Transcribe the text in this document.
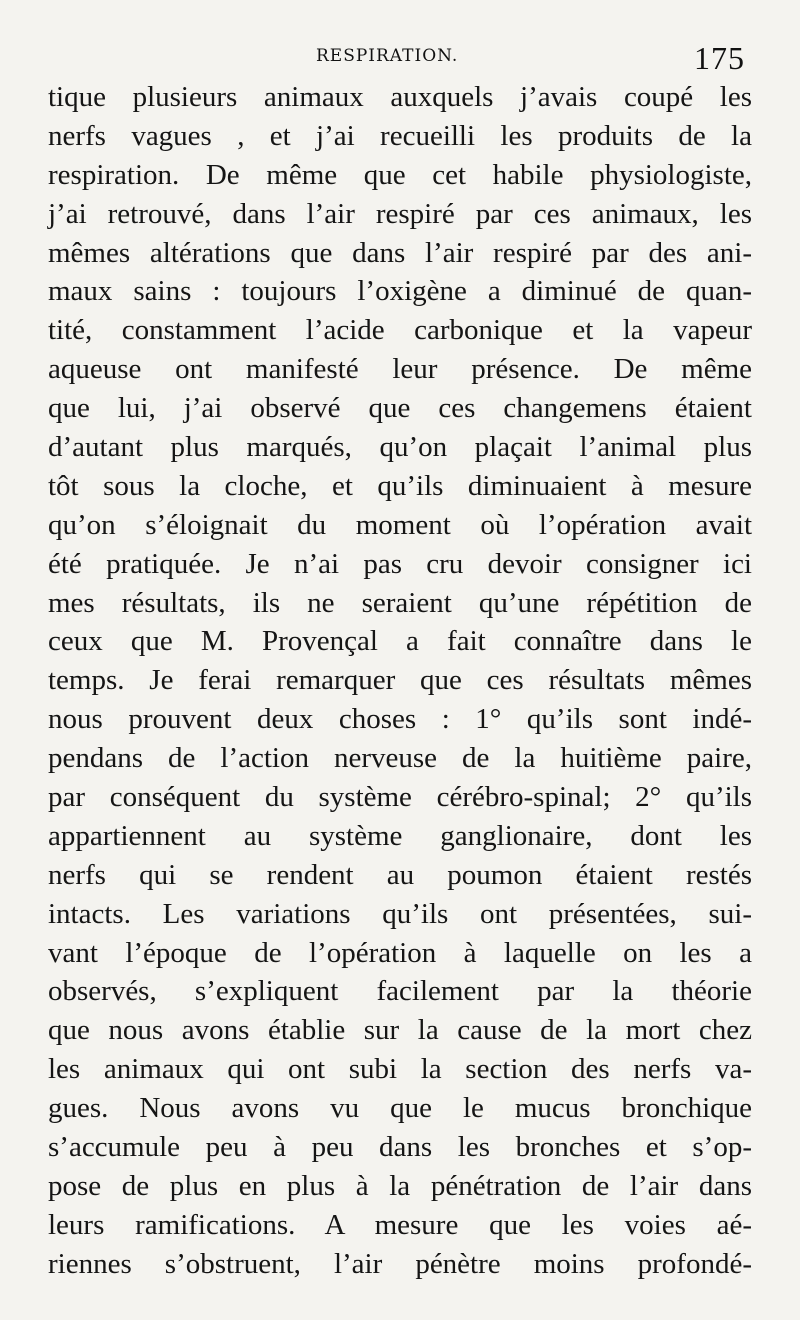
RESPIRATION.	175
tique plusieurs animaux auxquels j’avais coupé les
nerfs vagues , et j’ai recueilli les produits de la
respiration. De même que cet habile physiologiste,
j’ai retrouvé, dans l’air respiré par ces animaux, les
mêmes altérations que dans l’air respiré par des ani-
maux sains : toujours l’oxigène a diminué de quan-
tité, constamment l’acide carbonique et la vapeur
aqueuse ont manifesté leur présence. De même
que lui, j’ai observé que ces changemens étaient
d’autant plus marqués, qu’on plaçait l’animal plus
tôt sous la cloche, et qu’ils diminuaient à mesure
qu’on s’éloignait du moment où l’opération avait
été pratiquée. Je n’ai pas cru devoir consigner ici
mes résultats, ils ne seraient qu’une répétition de
ceux que M. Provençal a fait connaître dans le
temps. Je ferai remarquer que ces résultats mêmes
nous prouvent deux choses : 1° qu’ils sont indé-
pendans de l’action nerveuse de la huitième paire,
par conséquent du système cérébro-spinal; 2° qu’ils
appartiennent au système ganglionaire, dont les
nerfs qui se rendent au poumon étaient restés
intacts. Les variations qu’ils ont présentées, sui-
vant l’époque de l’opération à laquelle on les a
observés, s’expliquent facilement par la théorie
que nous avons établie sur la cause de la mort chez
les animaux qui ont subi la section des nerfs va-
gues. Nous avons vu que le mucus bronchique
s’accumule peu à peu dans les bronches et s’op-
pose de plus en plus à la pénétration de l’air dans
leurs ramifications. A mesure que les voies aé-
riennes s’obstruent, l’air pénètre moins profondé-
